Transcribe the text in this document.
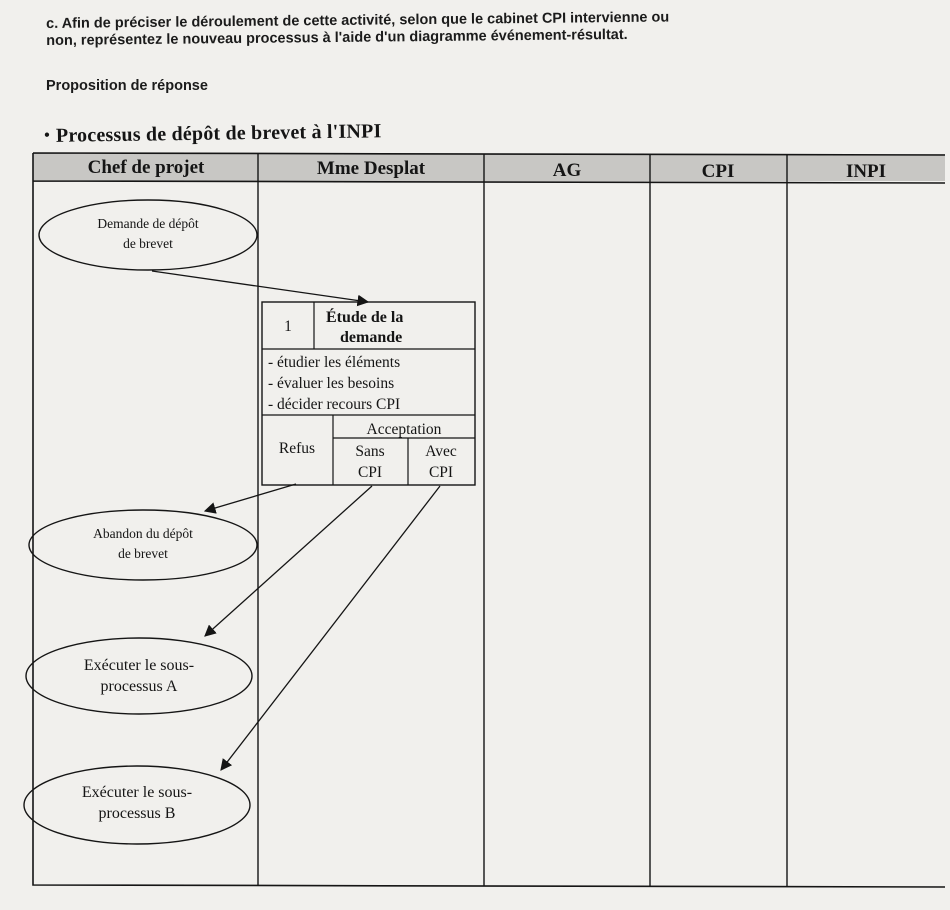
c. Afin de préciser le déroulement de cette activité, selon que le cabinet CPI intervienne ou
non, représentez le nouveau processus à l'aide d'un diagramme événement-résultat.

Proposition de réponse
• Processus de dépôt de brevet à l'INPI
Chef de projet	Mme Desplat	AG	CPI	INPI
Demande de dépôt
de brevet
1
Étude de la
demande
- étudier les éléments
- évaluer les besoins
- décider recours CPI
Refus
Acceptation
Sans
CPI
Avec
CPI
Abandon du dépôt
de brevet
Exécuter le sous-
processus A
Exécuter le sous-
processus B
